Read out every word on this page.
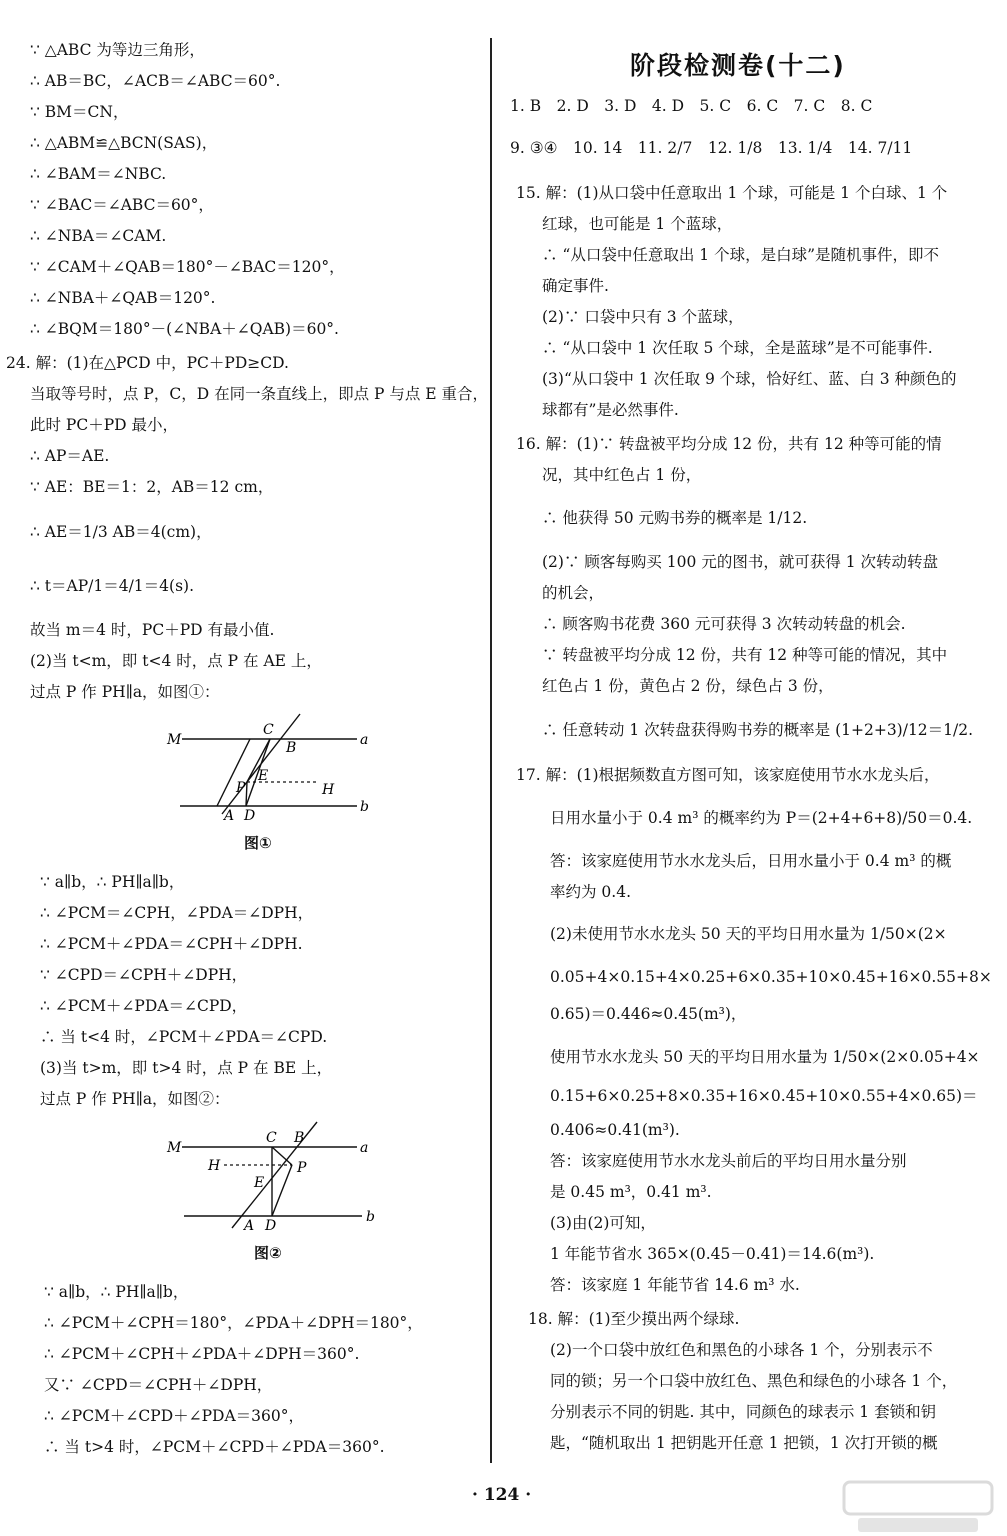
∵ △ABC 为等边三角形，
∴ AB＝BC，∠ACB＝∠ABC＝60°.
∵ BM＝CN，
∴ △ABM≌△BCN(SAS)，
∴ ∠BAM＝∠NBC.
∵ ∠BAC＝∠ABC＝60°，
∴ ∠NBA＝∠CAM.
∵ ∠CAM＋∠QAB＝180°－∠BAC＝120°，
∴ ∠NBA＋∠QAB＝120°.
∴ ∠BQM＝180°－(∠NBA＋∠QAB)＝60°.
24. 解：(1)在△PCD 中，PC＋PD≥CD.
当取等号时，点 P，C，D 在同一条直线上，即点 P 与点 E 重合，
此时 PC＋PD 最小，
∴ AP＝AE.
∵ AE：BE＝1：2，AB＝12 cm，
∴ AE＝1/3 AB＝4(cm)，
∴ t＝AP/1＝4/1＝4(s).
故当 m＝4 时，PC＋PD 有最小值.
(2)当 t<m，即 t<4 时，点 P 在 AE 上，
过点 P 作 PH∥a，如图①：
M
C
a
B
E
P	H
A D
b
图①
∵ a∥b，∴ PH∥a∥b，
∴ ∠PCM＝∠CPH，∠PDA＝∠DPH，
∴ ∠PCM＋∠PDA＝∠CPH＋∠DPH.
∵ ∠CPD＝∠CPH＋∠DPH，
∴ ∠PCM＋∠PDA＝∠CPD，
∴ 当 t<4 时，∠PCM＋∠PDA＝∠CPD.
(3)当 t>m，即 t>4 时，点 P 在 BE 上，
过点 P 作 PH∥a，如图②：
M
C B
a
H	P
E
A D
b
图②
∵ a∥b，∴ PH∥a∥b，
∴ ∠PCM＋∠CPH＝180°，∠PDA＋∠DPH＝180°，
∴ ∠PCM＋∠CPH＋∠PDA＋∠DPH＝360°.
又∵ ∠CPD＝∠CPH＋∠DPH，
∴ ∠PCM＋∠CPD＋∠PDA＝360°，
∴ 当 t>4 时，∠PCM＋∠CPD＋∠PDA＝360°.
阶段检测卷(十二)
1. B　2. D　3. D　4. D　5. C　6. C　7. C　8. C
9. ③④　10. 14　11. 2/7　12. 1/8　13. 1/4　14. 7/11
15. 解：(1)从口袋中任意取出 1 个球，可能是 1 个白球、1 个
红球，也可能是 1 个蓝球，
∴ “从口袋中任意取出 1 个球，是白球”是随机事件，即不
确定事件.
(2)∵ 口袋中只有 3 个蓝球，
∴ “从口袋中 1 次任取 5 个球，全是蓝球”是不可能事件.
(3)“从口袋中 1 次任取 9 个球，恰好红、蓝、白 3 种颜色的
球都有”是必然事件.
16. 解：(1)∵ 转盘被平均分成 12 份，共有 12 种等可能的情
况，其中红色占 1 份，
∴ 他获得 50 元购书券的概率是 1/12.
(2)∵ 顾客每购买 100 元的图书，就可获得 1 次转动转盘
的机会，
∴ 顾客购书花费 360 元可获得 3 次转动转盘的机会.
∵ 转盘被平均分成 12 份，共有 12 种等可能的情况，其中
红色占 1 份，黄色占 2 份，绿色占 3 份，
∴ 任意转动 1 次转盘获得购书券的概率是 (1+2+3)/12＝1/2.
17. 解：(1)根据频数直方图可知，该家庭使用节水水龙头后，
日用水量小于 0.4 m³ 的概率约为 P＝(2+4+6+8)/50＝0.4.
答：该家庭使用节水水龙头后，日用水量小于 0.4 m³ 的概
率约为 0.4.
(2)未使用节水水龙头 50 天的平均日用水量为 1/50×(2×
0.05+4×0.15+4×0.25+6×0.35+10×0.45+16×0.55+8×
0.65)＝0.446≈0.45(m³)，
使用节水水龙头 50 天的平均日用水量为 1/50×(2×0.05+4×
0.15+6×0.25+8×0.35+16×0.45+10×0.55+4×0.65)＝
0.406≈0.41(m³).
答：该家庭使用节水水龙头前后的平均日用水量分别
是 0.45 m³，0.41 m³.
(3)由(2)可知，
1 年能节省水 365×(0.45－0.41)＝14.6(m³).
答：该家庭 1 年能节省 14.6 m³ 水.
18. 解：(1)至少摸出两个绿球.
(2)一个口袋中放红色和黑色的小球各 1 个，分别表示不
同的锁；另一个口袋中放红色、黑色和绿色的小球各 1 个，
分别表示不同的钥匙. 其中，同颜色的球表示 1 套锁和钥
匙，“随机取出 1 把钥匙开任意 1 把锁，1 次打开锁的概
· 124 ·
